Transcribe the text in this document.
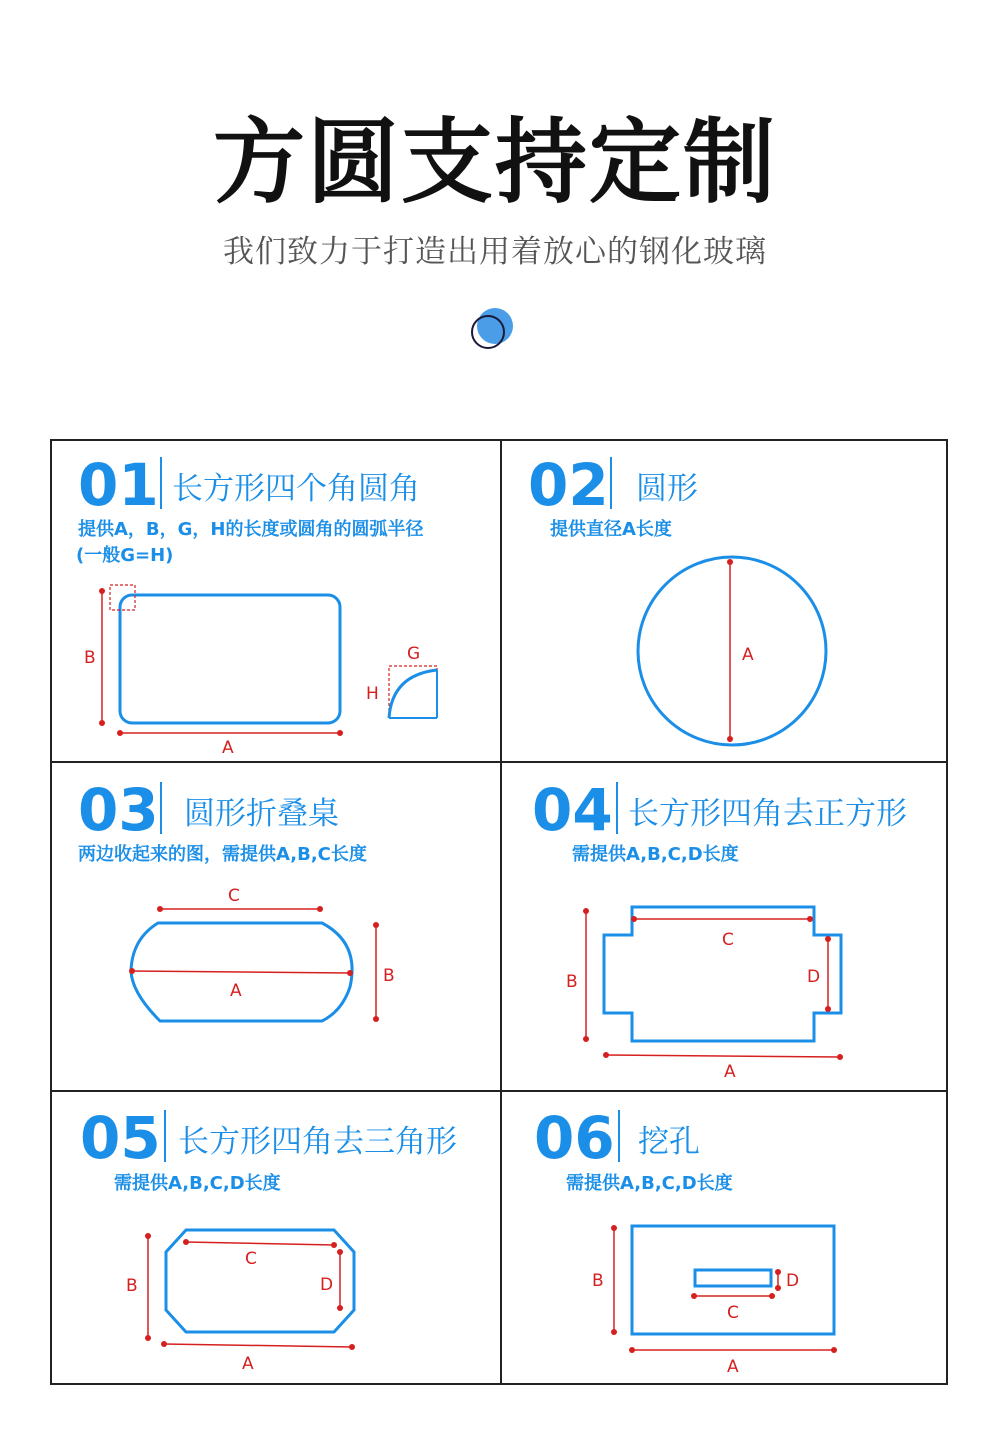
方圆支持定制
我们致力于打造出用着放心的钢化玻璃
01 长方形四个角圆角
提供A，B，G，H的长度或圆角的圆弧半径
(一般G=H)
B
A
G
H
02 圆形
提供直径A长度
A
03 圆形折叠桌
两边收起来的图，需提供A,B,C长度
C
A
B
04 长方形四角去正方形
需提供A,B,C,D长度
C
D
B
A
05 长方形四角去三角形
需提供A,B,C,D长度
C
D
B
A
06 挖孔
需提供A,B,C,D长度
D
C
B
A
